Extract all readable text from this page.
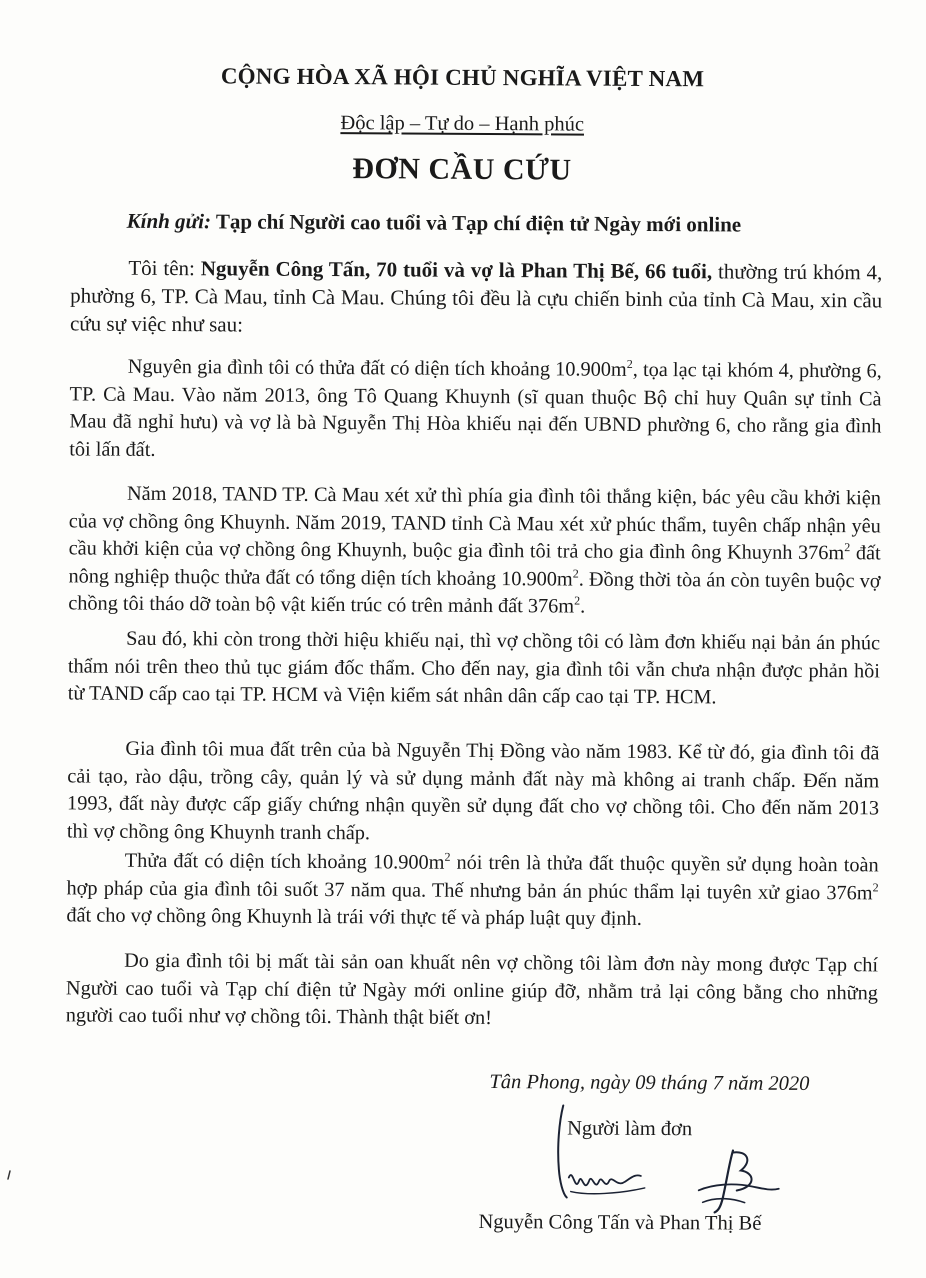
CỘNG HÒA XÃ HỘI CHỦ NGHĨA VIỆT NAM
Độc lập – Tự do – Hạnh phúc
ĐƠN CẦU CỨU
Kính gửi: Tạp chí Người cao tuổi và Tạp chí điện tử Ngày mới online

Tôi tên: Nguyễn Công Tấn, 70 tuổi và vợ là Phan Thị Bế, 66 tuổi, thường trú khóm 4, phường 6, TP. Cà Mau, tỉnh Cà Mau. Chúng tôi đều là cựu chiến binh của tỉnh Cà Mau, xin cầu cứu sự việc như sau:

Nguyên gia đình tôi có thửa đất có diện tích khoảng $10.900m^2$, tọa lạc tại khóm 4, phường 6, TP. Cà Mau. Vào năm 2013, ông Tô Quang Khuynh (sĩ quan thuộc Bộ chỉ huy Quân sự tỉnh Cà Mau đã nghỉ hưu) và vợ là bà Nguyễn Thị Hòa khiếu nại đến UBND phường 6, cho rằng gia đình tôi lấn đất.

Năm 2018, TAND TP. Cà Mau xét xử thì phía gia đình tôi thắng kiện, bác yêu cầu khởi kiện của vợ chồng ông Khuynh. Năm 2019, TAND tỉnh Cà Mau xét xử phúc thẩm, tuyên chấp nhận yêu cầu khởi kiện của vợ chồng ông Khuynh, buộc gia đình tôi trả cho gia đình ông Khuynh $376m^2$ đất nông nghiệp thuộc thửa đất có tổng diện tích khoảng $10.900m^2$. Đồng thời tòa án còn tuyên buộc vợ chồng tôi tháo dỡ toàn bộ vật kiến trúc có trên mảnh đất $376m^2$.

Sau đó, khi còn trong thời hiệu khiếu nại, thì vợ chồng tôi có làm đơn khiếu nại bản án phúc thẩm nói trên theo thủ tục giám đốc thẩm. Cho đến nay, gia đình tôi vẫn chưa nhận được phản hồi từ TAND cấp cao tại TP. HCM và Viện kiểm sát nhân dân cấp cao tại TP. HCM.

Gia đình tôi mua đất trên của bà Nguyễn Thị Đồng vào năm 1983. Kể từ đó, gia đình tôi đã cải tạo, rào dậu, trồng cây, quản lý và sử dụng mảnh đất này mà không ai tranh chấp. Đến năm 1993, đất này được cấp giấy chứng nhận quyền sử dụng đất cho vợ chồng tôi. Cho đến năm 2013 thì vợ chồng ông Khuynh tranh chấp.

Thửa đất có diện tích khoảng $10.900m^2$ nói trên là thửa đất thuộc quyền sử dụng hoàn toàn hợp pháp của gia đình tôi suốt 37 năm qua. Thế nhưng bản án phúc thẩm lại tuyên xử giao $376m^2$ đất cho vợ chồng ông Khuynh là trái với thực tế và pháp luật quy định.

Do gia đình tôi bị mất tài sản oan khuất nên vợ chồng tôi làm đơn này mong được Tạp chí Người cao tuổi và Tạp chí điện tử Ngày mới online giúp đỡ, nhằm trả lại công bằng cho những người cao tuổi như vợ chồng tôi. Thành thật biết ơn!

Tân Phong, ngày 09 tháng 7 năm 2020
Người làm đơn
Nguyễn Công Tấn và Phan Thị Bế
